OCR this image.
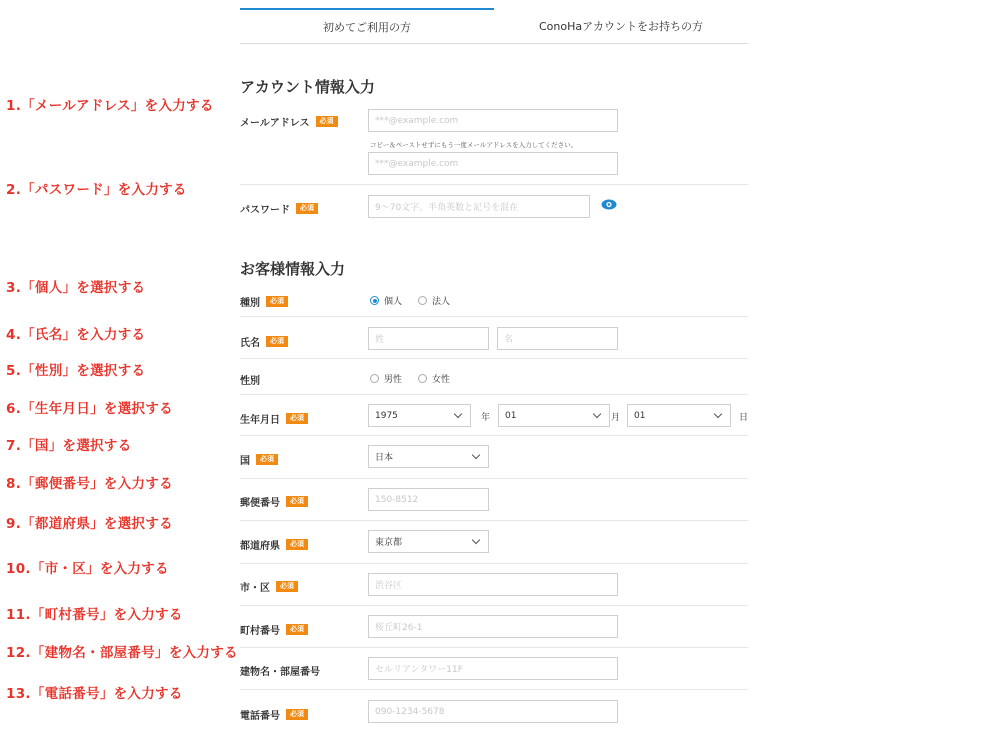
初めてご利用の方	ConoHaアカウントをお持ちの方
1.「メールアドレス」を入力する
2.「パスワード」を入力する
3.「個人」を選択する
4.「氏名」を入力する
5.「性別」を選択する
6.「生年月日」を選択する
7.「国」を選択する
8.「郵便番号」を入力する
9.「都道府県」を選択する
10.「市・区」を入力する
11.「町村番号」を入力する
12.「建物名・部屋番号」を入力する
13.「電話番号」を入力する
アカウント情報入力
メールアドレス	必須	***@example.com
コピー＆ペーストせずにもう一度メールアドレスを入力してください。
***@example.com
パスワード	必須	9～70文字、半角英数と記号を混在
お客様情報入力
種別	必須	個人	法人
氏名	必須	姓	名
性別	男性	女性
生年月日	必須	1975	年 01	月 01	日
国	必須	日本
郵便番号	必須	150-8512
都道府県	必須	東京都
市・区	必須	渋谷区
町村番号	必須	桜丘町26-1
建物名・部屋番号	セルリアンタワー11F
電話番号	必須	090-1234-5678
